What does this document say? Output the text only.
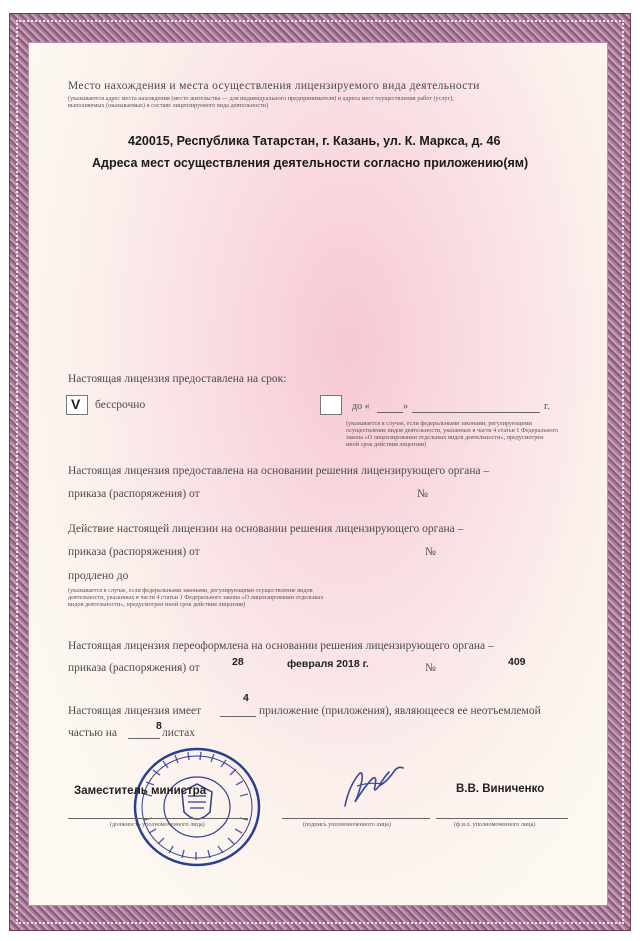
Место нахождения и места осуществления лицензируемого вида деятельности
(указываются адрес места нахождения (место жительства — для индивидуального предпринимателя) и адреса мест осуществления работ (услуг),
выполняемых (оказываемых) в составе лицензируемого вида деятельности)
420015, Республика Татарстан, г. Казань, ул. К. Маркса, д. 46
Адреса мест осуществления деятельности согласно приложению(ям)
Настоящая лицензия предоставлена на срок:
V бессрочно	до «	»	г.
(указывается в случае, если федеральными законами, регулирующими
осуществление видов деятельности, указанных в части 4 статьи 1 Федерального
закона «О лицензировании отдельных видов деятельности», предусмотрен
иной срок действия лицензии)
Настоящая лицензия предоставлена на основании решения лицензирующего органа –
приказа (распоряжения) от	№
Действие настоящей лицензии на основании решения лицензирующего органа –
приказа (распоряжения) от	№
продлено до
(указывается в случае, если федеральными законами, регулирующими осуществление видов
деятельности, указанных в части 4 статьи 1 Федерального закона «О лицензировании отдельных
видов деятельности», предусмотрен иной срок действия лицензии)
Настоящая лицензия переоформлена на основании решения лицензирующего органа –
приказа (распоряжения) от	28	февраля 2018 г.	№	409
Настоящая лицензия имеет
4
приложение (приложения), являющееся ее неотъемлемой
частью на
8
листах
Заместитель министра
(должность уполномоченного лица)	(подпись уполномоченного лица)
В.В. Виниченко
(ф.и.о. уполномоченного лица)
